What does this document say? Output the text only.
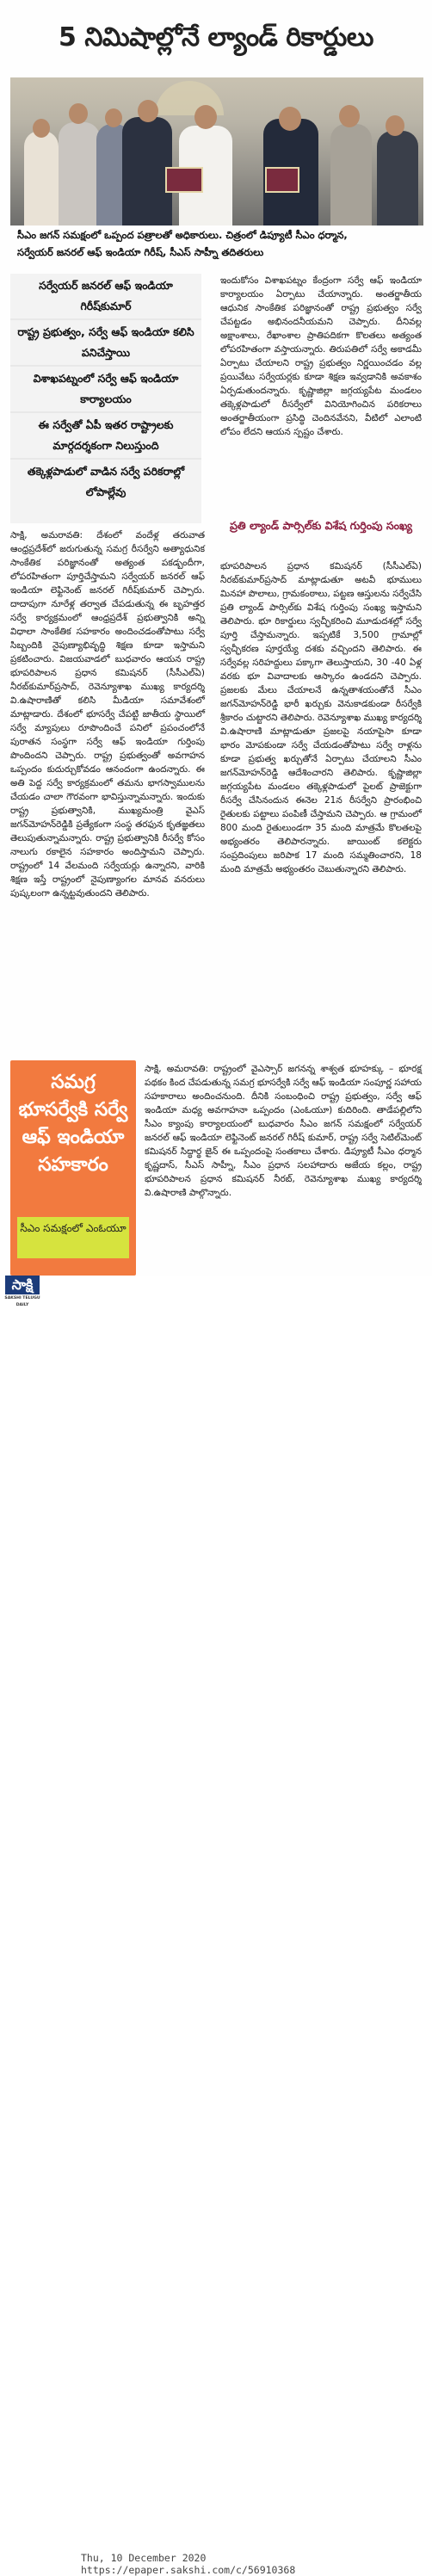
5 నిమిషాల్లోనే ల్యాండ్‌ రికార్డులు
సీఎం జగన్‌ సమక్షంలో ఒప్పంద పత్రాలతో అధికారులు. చిత్రంలో డిప్యూటీ సీఎం ధర్మాన,
సర్వేయర్‌ జనరల్‌ ఆఫ్‌ ఇండియా గిరీష్‌, సీఎస్‌ సాహ్నీ తదితరులు
సర్వేయర్‌ జనరల్‌ ఆఫ్‌ ఇండియా గిరీష్‌కుమార్‌
రాష్ట్ర ప్రభుత్వం, సర్వే ఆఫ్‌ ఇండియా కలిసి పనిచేస్తాయి
విశాఖపట్నంలో సర్వే ఆఫ్‌ ఇండియా కార్యాలయం
ఈ సర్వేతో ఏపీ ఇతర రాష్ట్రాలకు మార్గదర్శకంగా నిలుస్తుంది
తక్కెళ్లపాడులో వాడిన సర్వే పరికరాల్లో లోపాల్లేవు

సాక్షి, అమరావతి: దేశంలో వందేళ్ల తరువాత ఆంధ్రప్రదేశ్‌లో జరుగుతున్న సమగ్ర రీసర్వేని అత్యాధునిక సాంకేతిక పరిజ్ఞానంతో అత్యంత పకడ్బందీగా, లోపరహితంగా పూర్తిచేస్తామని సర్వేయర్‌ జనరల్‌ ఆఫ్‌ ఇండియా లెఫ్టినెంట్‌ జనరల్‌ గిరీష్‌కుమార్‌ చెప్పారు. దాదాపుగా నూరేళ్ల తర్వాత చేపడుతున్న ఈ బృహత్తర సర్వే కార్యక్రమంలో ఆంధ్రప్రదేశ్‌ ప్రభుత్వానికి అన్ని విధాలా సాంకేతిక సహకారం అందించడంతోపాటు సర్వే సిబ్బందికి నైపుణ్యాభివృద్ధి శిక్షణ కూడా ఇస్తామని ప్రకటించారు. విజయవాడలో బుధవారం ఆయన రాష్ట్ర భూపరిపాలన ప్రధాన కమిషనర్‌ (సీసీఎల్‌ఏ) నీరబ్‌కుమార్‌ప్రసాద్‌, రెవెన్యూశాఖ ముఖ్య కార్యదర్శి వి.ఉషారాణితో కలిసి మీడియా సమావేశంలో మాట్లాడారు. దేశంలో భూసర్వే చేపట్టి జాతీయ స్థాయిలో సర్వే మ్యాపులు రూపొందించే పనిలో ప్రపంచంలోనే పురాతన సంస్థగా సర్వే ఆఫ్‌ ఇండియా గుర్తింపు పొందిందని చెప్పారు. రాష్ట్ర ప్రభుత్వంతో అవగాహన ఒప్పందం కుదుర్చుకోవడం ఆనందంగా ఉందన్నారు. ఈ అతి పెద్ద సర్వే కార్యక్రమంలో తమను భాగస్వాములను చేయడం చాలా గౌరవంగా భావిస్తున్నామన్నారు. ఇందుకు రాష్ట్ర ప్రభుత్వానికి, ముఖ్యమంత్రి వైఎస్‌ జగన్‌మోహన్‌రెడ్డికి ప్రత్యేకంగా సంస్థ తరఫున కృతజ్ఞతలు తెలుపుతున్నామన్నారు. రాష్ట్ర ప్రభుత్వానికి రీసర్వే కోసం నాలుగు రకాలైన సహకారం అందిస్తామని చెప్పారు. రాష్ట్రంలో 14 వేలమంది సర్వేయర్లు ఉన్నారని, వారికి శిక్షణ ఇస్తే రాష్ట్రంలో నైపుణ్యాంగల మానవ వనరులు పుష్కలంగా ఉన్నట్టవుతుందని తెలిపారు.

ఇందుకోసం విశాఖపట్నం కేంద్రంగా సర్వే ఆఫ్‌ ఇండియా కార్యాలయం ఏర్పాటు చేయాన్నారు. అంతర్జాతీయ ఆధునిక సాంకేతిక పరిజ్ఞానంతో రాష్ట్ర ప్రభుత్వం సర్వే చేపట్టడం అభినందనీయమని చెప్పారు. దీనివల్ల అక్షాంశాలు, రేఖాంశాల ప్రాతిపదికగా కొలతలు అత్యంత లోపరహితంగా వస్తాయన్నారు. తిరుపతిలో సర్వే అకాడమీ ఏర్పాటు చేయాలని రాష్ట్ర ప్రభుత్వం నిర్ణయించడం వల్ల ప్రయివేటు సర్వేయర్లకు కూడా శిక్షణ ఇవ్వడానికి అవకాశం ఏర్పడుతుందన్నారు. కృష్ణాజిల్లా జగ్గయ్యపేట మండలం తక్కెళ్లపాడులో రీసర్వేలో వినియోగించిన పరికరాలు అంతర్జాతీయంగా ప్రసిద్ధి చెందినవేనని, వీటిలో ఎలాంటి లోపం లేదని ఆయన స్పష్టం చేశారు.

ప్రతి ల్యాండ్‌ పార్సిల్‌కు విశేష గుర్తింపు సంఖ్య

భూపరిపాలన ప్రధాన కమిషనర్‌ (సీసీఎల్‌ఏ) నీరబ్‌కుమార్‌ప్రసాద్‌ మాట్లాడుతూ అటవీ భూములు మినహా పొలాలు, గ్రామకంఠాలు, పట్టణ ఆస్తులను సర్వేచేసి ప్రతి ల్యాండ్‌ పార్సిల్‌కు విశేష గుర్తింపు సంఖ్య ఇస్తామని తెలిపారు. భూ రికార్డులు స్వచ్ఛీకరించి మూడుదశల్లో సర్వే పూర్తి చేస్తామన్నారు. ఇప్పటికే 3,500 గ్రామాల్లో స్వచ్ఛీకరణ పూర్తయ్యే దశకు వచ్చిందని తెలిపారు. ఈ సర్వేవల్ల సరిహద్దులు పక్కాగా తెలుస్తాయని, 30 -40 ఏళ్ల వరకు భూ వివాదాలకు ఆస్కారం ఉండదని చెప్పారు. ప్రజలకు మేలు చేయాలనే ఉన్నతాశయంతోనే సీఎం జగన్‌మోహన్‌రెడ్డి భారీ ఖర్చుకు వెనుకాడకుండా రీసర్వేకి శ్రీకారం చుట్టారని తెలిపారు. రెవెన్యూశాఖ ముఖ్య కార్యదర్శి వి.ఉషారాణి మాట్లాడుతూ ప్రజలపై నయాపైసా కూడా భారం మోపకుండా సర్వే చేయడంతోపాటు సర్వే రాళ్లను కూడా ప్రభుత్వ ఖర్చుతోనే ఏర్పాటు చేయాలని సీఎం జగన్‌మోహన్‌రెడ్డి ఆదేశించారని తెలిపారు. కృష్ణాజిల్లా జగ్గయ్యపేట మండలం తక్కెళ్లపాడులో పైలట్‌ ప్రాజెక్టుగా రీసర్వే చేసినందున ఈనెల 21న రీసర్వేని ప్రారంభించి రైతులకు పట్టాలు పంపిణీ చేస్తామని చెప్పారు. ఆ గ్రామంలో 800 మంది రైతులుండగా 35 మంది మాత్రమే కొలతలపై అభ్యంతరం తెలిపారన్నారు. జాయింట్‌ కలెక్టరు సంప్రదింపులు జరిపాక 17 మంది సమ్మతించారని, 18 మంది మాత్రమే అభ్యంతరం చెబుతున్నారని తెలిపారు.

సమగ్ర భూసర్వేకి సర్వే ఆఫ్‌ ఇండియా సహకారం
సీఎం సమక్షంలో ఎంఓయూ

సాక్షి, అమరావతి: రాష్ట్రంలో వైఎస్సార్‌ జగనన్న శాశ్వత భూహక్కు – భూరక్ష పథకం కింద చేపడుతున్న సమగ్ర భూసర్వేకి సర్వే ఆఫ్‌ ఇండియా సంపూర్ణ సహాయ సహకారాలు అందించనుంది. దీనికి సంబంధించి రాష్ట్ర ప్రభుత్వం, సర్వే ఆఫ్‌ ఇండియా మధ్య అవగాహనా ఒప్పందం (ఎంఓయూ) కుదిరింది. తాడేపల్లిలోని సీఎం క్యాంపు కార్యాలయంలో బుధవారం సీఎం జగన్‌ సమక్షంలో సర్వేయర్‌ జనరల్‌ ఆఫ్‌ ఇండియా లెఫ్టినెంట్‌ జనరల్‌ గిరీష్‌ కుమార్‌, రాష్ట్ర సర్వే సెటిల్‌మెంట్‌ కమిషనర్‌ సిద్ధార్థ జైన్‌ ఈ ఒప్పందంపై సంతకాలు చేశారు. డిప్యూటీ సీఎం ధర్మాన కృష్ణదాస్‌, సీఎస్‌ సాహ్నీ, సీఎం ప్రధాన సలహాదారు అజేయ కల్లం, రాష్ట్ర భూపరిపాలన ప్రధాన కమిషనర్‌ నీరబ్‌, రెవెన్యూశాఖ ముఖ్య కార్యదర్శి వి.ఉషారాణి పాల్గొన్నారు.

సాక్షి
SAKSHI TELUGU DAILY
Thu, 10 December 2020
https://epaper.sakshi.com/c/56910368
